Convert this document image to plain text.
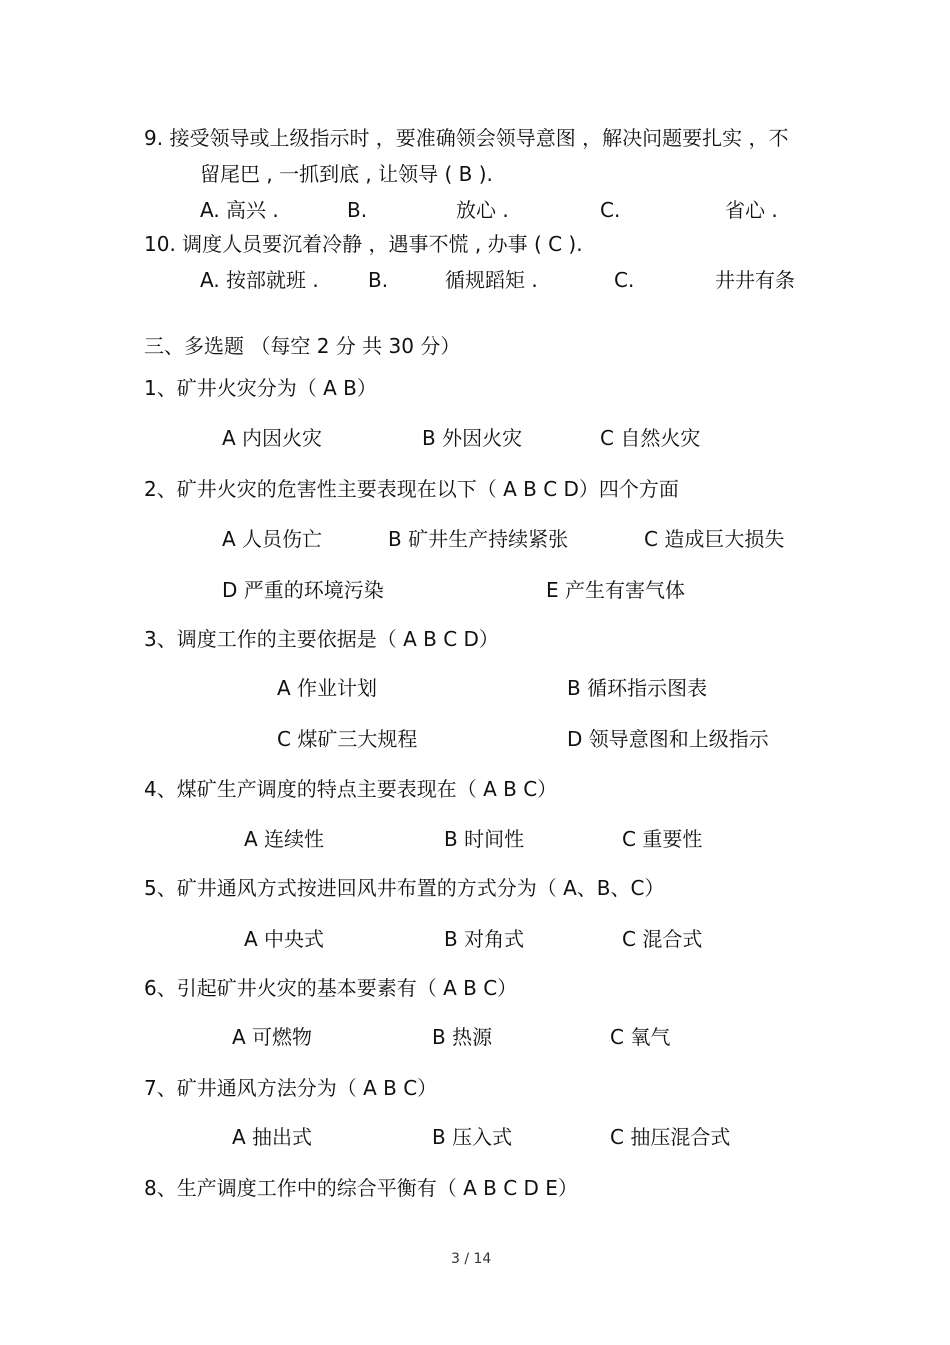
9. 接受领导或上级指示时 ，要准确领会领导意图 ，解决问题要扎实 ，不
留尾巴 , 一抓到底 , 让领导 ( B ).
A. 高兴 .	B.	放心 .	C.	省心 .
10. 调度人员要沉着冷静 ，遇事不慌 , 办事 ( C ).
A. 按部就班 . B.	循规蹈矩 .	C.	井井有条
三、多选题 （每空 2 分 共 30 分）
1、矿井火灾分为（ A B）
A 内因火灾	B 外因火灾	C 自然火灾
2、矿井火灾的危害性主要表现在以下（ A B C D）四个方面
A 人员伤亡	B 矿井生产持续紧张	C 造成巨大损失
D 严重的环境污染	E 产生有害气体
3、调度工作的主要依据是（ A B C D）
A 作业计划	B 循环指示图表
C 煤矿三大规程	D 领导意图和上级指示
4、煤矿生产调度的特点主要表现在（ A B C）
A 连续性	B 时间性	C 重要性
5、矿井通风方式按进回风井布置的方式分为（ A、B、C）
A 中央式	B 对角式	C 混合式
6、引起矿井火灾的基本要素有（ A B C）
A 可燃物	B 热源	C 氧气
7、矿井通风方法分为（ A B C）
A 抽出式	B 压入式	C 抽压混合式
8、生产调度工作中的综合平衡有（ A B C D E）
3 / 14
